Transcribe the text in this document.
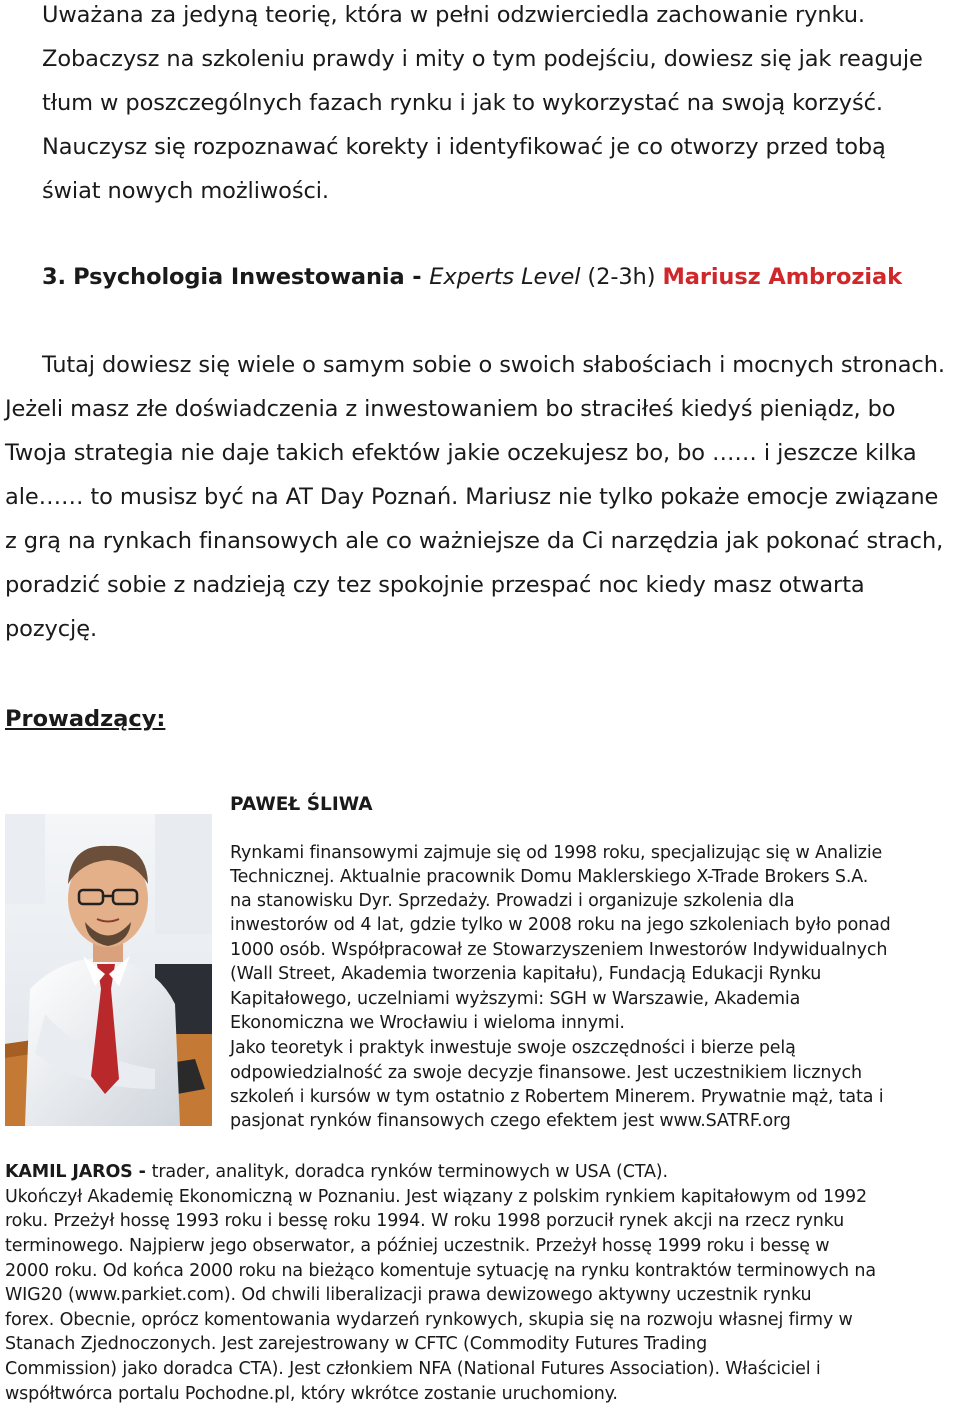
Uważana za jedyną teorię, która w pełni odzwierciedla zachowanie rynku.
Zobaczysz na szkoleniu prawdy i mity o tym podejściu, dowiesz się jak reaguje
tłum w poszczególnych fazach rynku i jak to wykorzystać na swoją korzyść.
Nauczysz się rozpoznawać korekty i identyfikować je co otworzy przed tobą
świat nowych możliwości.
3. Psychologia Inwestowania - Experts Level (2-3h) Mariusz Ambroziak
Tutaj dowiesz się wiele o samym sobie o swoich słabościach i mocnych stronach.
Jeżeli masz złe doświadczenia z inwestowaniem bo straciłeś kiedyś pieniądz, bo
Twoja strategia nie daje takich efektów jakie oczekujesz bo, bo …… i jeszcze kilka
ale…… to musisz być na AT Day Poznań. Mariusz nie tylko pokaże emocje związane
z grą na rynkach finansowych ale co ważniejsze da Ci narzędzia jak pokonać strach,
poradzić sobie z nadzieją czy tez spokojnie przespać noc kiedy masz otwarta
pozycję.
Prowadzący:
PAWEŁ ŚLIWA
Rynkami finansowymi zajmuje się od 1998 roku, specjalizując się w Analizie
Technicznej. Aktualnie pracownik Domu Maklerskiego X-Trade Brokers S.A.
na stanowisku Dyr. Sprzedaży. Prowadzi i organizuje szkolenia dla
inwestorów od 4 lat, gdzie tylko w 2008 roku na jego szkoleniach było ponad
1000 osób. Współpracował ze Stowarzyszeniem Inwestorów Indywidualnych
(Wall Street, Akademia tworzenia kapitału), Fundacją Edukacji Rynku
Kapitałowego, uczelniami wyższymi: SGH w Warszawie, Akademia
Ekonomiczna we Wrocławiu i wieloma innymi.
Jako teoretyk i praktyk inwestuje swoje oszczędności i bierze pelą
odpowiedzialność za swoje decyzje finansowe. Jest uczestnikiem licznych
szkoleń i kursów w tym ostatnio z Robertem Minerem. Prywatnie mąż, tata i
pasjonat rynków finansowych czego efektem jest www.SATRF.org
KAMIL JAROS - trader, analityk, doradca rynków terminowych w USA (CTA).
Ukończył Akademię Ekonomiczną w Poznaniu. Jest wiązany z polskim rynkiem kapitałowym od 1992
roku. Przeżył hossę 1993 roku i bessę roku 1994. W roku 1998 porzucił rynek akcji na rzecz rynku
terminowego. Najpierw jego obserwator, a później uczestnik. Przeżył hossę 1999 roku i bessę w
2000 roku. Od końca 2000 roku na bieżąco komentuje sytuację na rynku kontraktów terminowych na
WIG20 (www.parkiet.com). Od chwili liberalizacji prawa dewizowego aktywny uczestnik rynku
forex. Obecnie, oprócz komentowania wydarzeń rynkowych, skupia się na rozwoju własnej firmy w
Stanach Zjednoczonych. Jest zarejestrowany w CFTC (Commodity Futures Trading
Commission) jako doradca CTA). Jest członkiem NFA (National Futures Association). Właściciel i
współtwórca portalu Pochodne.pl, który wkrótce zostanie uruchomiony.
